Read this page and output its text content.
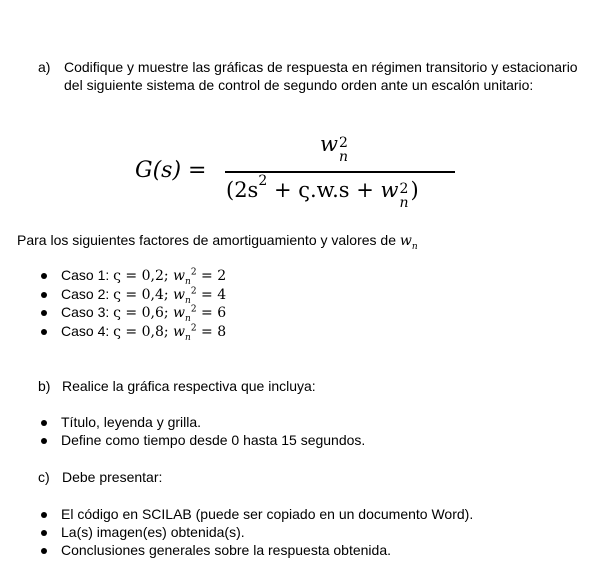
a) Codifique y muestre las gráficas de respuesta en régimen transitorio y estacionario
del siguiente sistema de control de segundo orden ante un escalón unitario:
G(s) =
w 2
n
($2s^2 + \varsigma.w.s + w$ 2
n
)
Para los siguientes factores de amortiguamiento y valores de $w_n$
Caso 1: ς = 0,2; $w_n^2 = 2$
Caso 2: ς = 0,4; $w_n^2 = 4$
Caso 3: ς = 0,6; $w_n^2 = 6$
Caso 4: ς = 0,8; $w_n^2 = 8$
b) Realice la gráfica respectiva que incluya:
Título, leyenda y grilla.
Define como tiempo desde 0 hasta 15 segundos.
c) Debe presentar:
El código en SCILAB (puede ser copiado en un documento Word).
La(s) imagen(es) obtenida(s).
Conclusiones generales sobre la respuesta obtenida.
